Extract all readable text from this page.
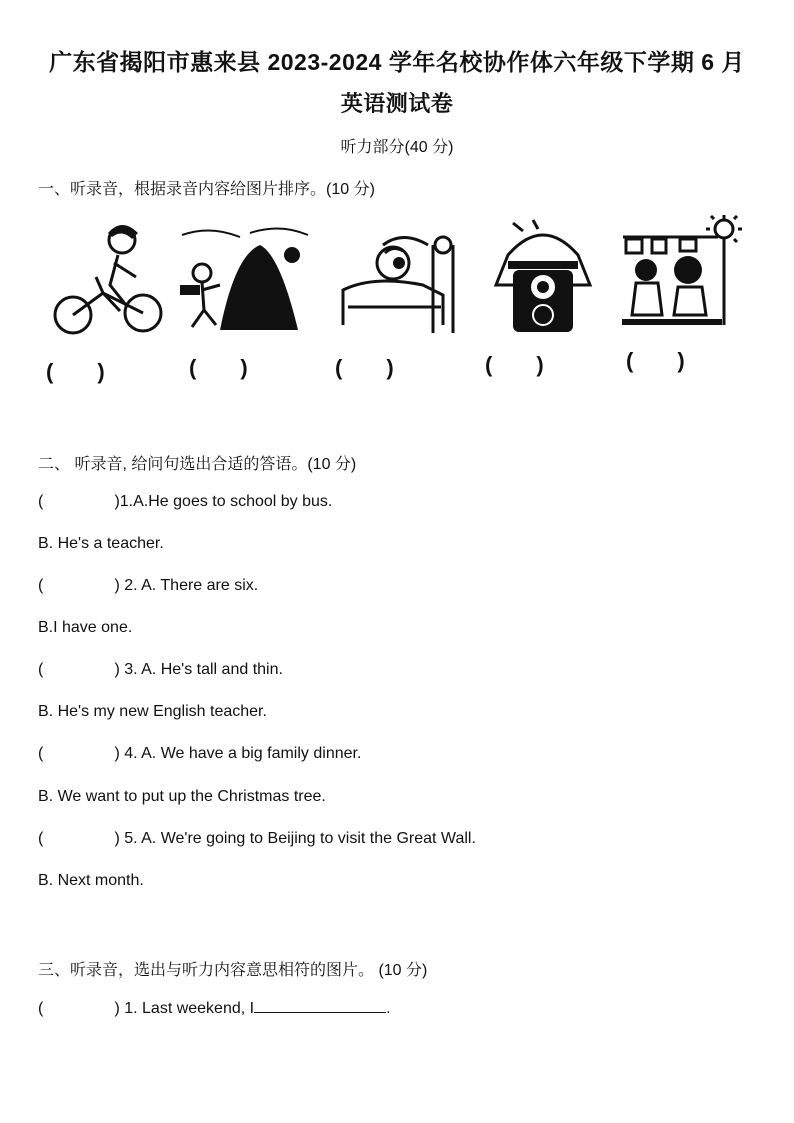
广东省揭阳市惠来县 2023-2024 学年名校协作体六年级下学期 6 月
英语测试卷
听力部分(40 分)
一、听录音，根据录音内容给图片排序。(10 分)
( )	( )	( )	( )	( )
二、 听录音, 给问句选出合适的答语。(10 分)
(                )1.A.He goes to school by bus.
B. He's a teacher.
(                ) 2. A. There are six.
B.I have one.
(                ) 3. A. He's tall and thin.
B. He's my new English teacher.
(                ) 4. A. We have a big family dinner.
B. We want to put up the Christmas tree.
(                ) 5. A. We're going to Beijing to visit the Great Wall.
B. Next month.
三、听录音，选出与听力内容意思相符的图片。 (10 分)
(                ) 1. Last weekend, I	.
